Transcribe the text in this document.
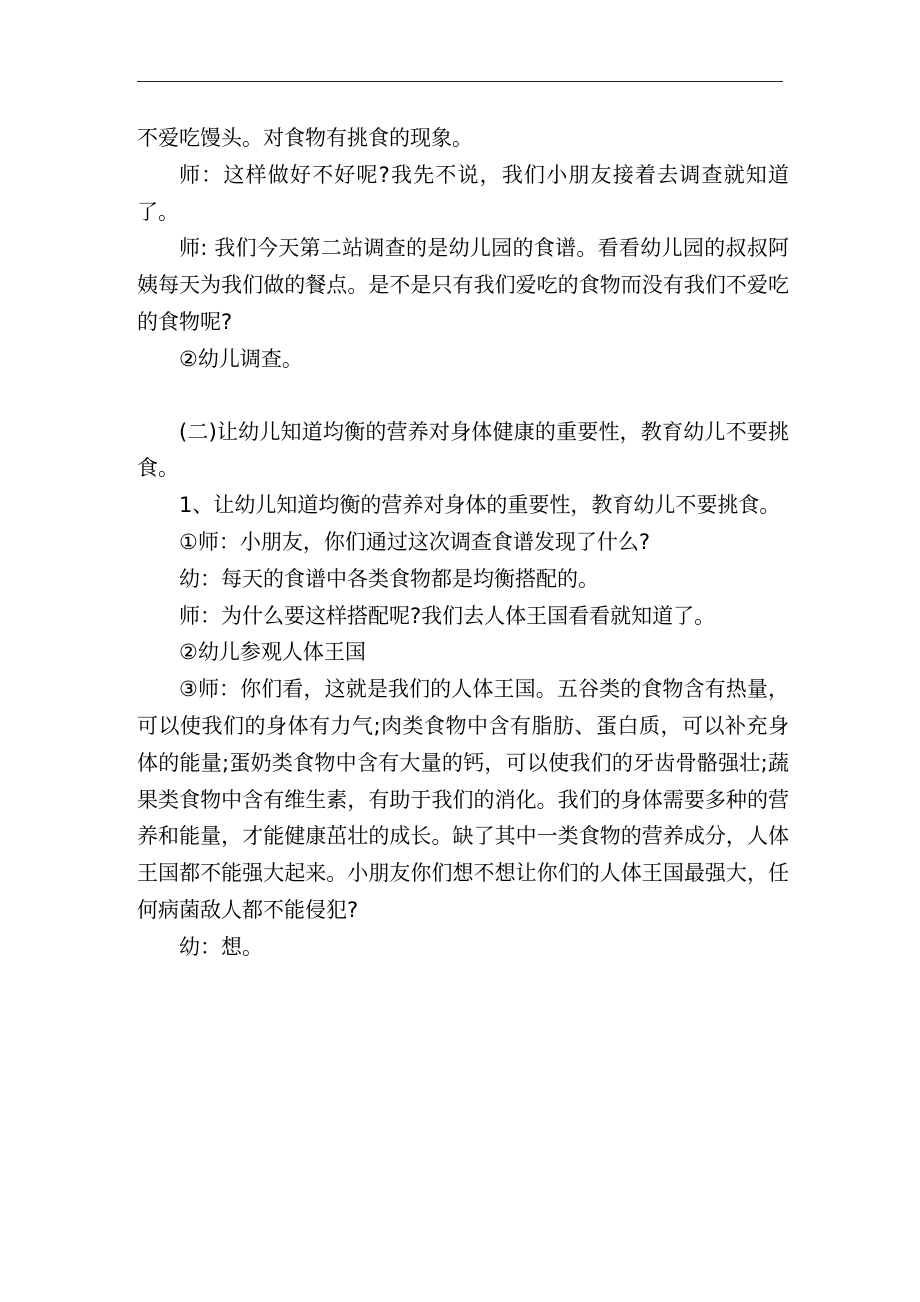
不爱吃馒头。对食物有挑食的现象。

师：这样做好不好呢?我先不说，我们小朋友接着去调查就知道了。

师: 我们今天第二站调查的是幼儿园的食谱。看看幼儿园的叔叔阿姨每天为我们做的餐点。是不是只有我们爱吃的食物而没有我们不爱吃的食物呢?

②幼儿调查。

(二)让幼儿知道均衡的营养对身体健康的重要性，教育幼儿不要挑食。

1、让幼儿知道均衡的营养对身体的重要性，教育幼儿不要挑食。

①师：小朋友，你们通过这次调查食谱发现了什么?

幼：每天的食谱中各类食物都是均衡搭配的。

师：为什么要这样搭配呢?我们去人体王国看看就知道了。

②幼儿参观人体王国

③师：你们看，这就是我们的人体王国。五谷类的食物含有热量，可以使我们的身体有力气;肉类食物中含有脂肪、蛋白质，可以补充身体的能量;蛋奶类食物中含有大量的钙，可以使我们的牙齿骨骼强壮;蔬果类食物中含有维生素，有助于我们的消化。我们的身体需要多种的营养和能量，才能健康茁壮的成长。缺了其中一类食物的营养成分，人体王国都不能强大起来。小朋友你们想不想让你们的人体王国最强大，任何病菌敌人都不能侵犯?

幼：想。
